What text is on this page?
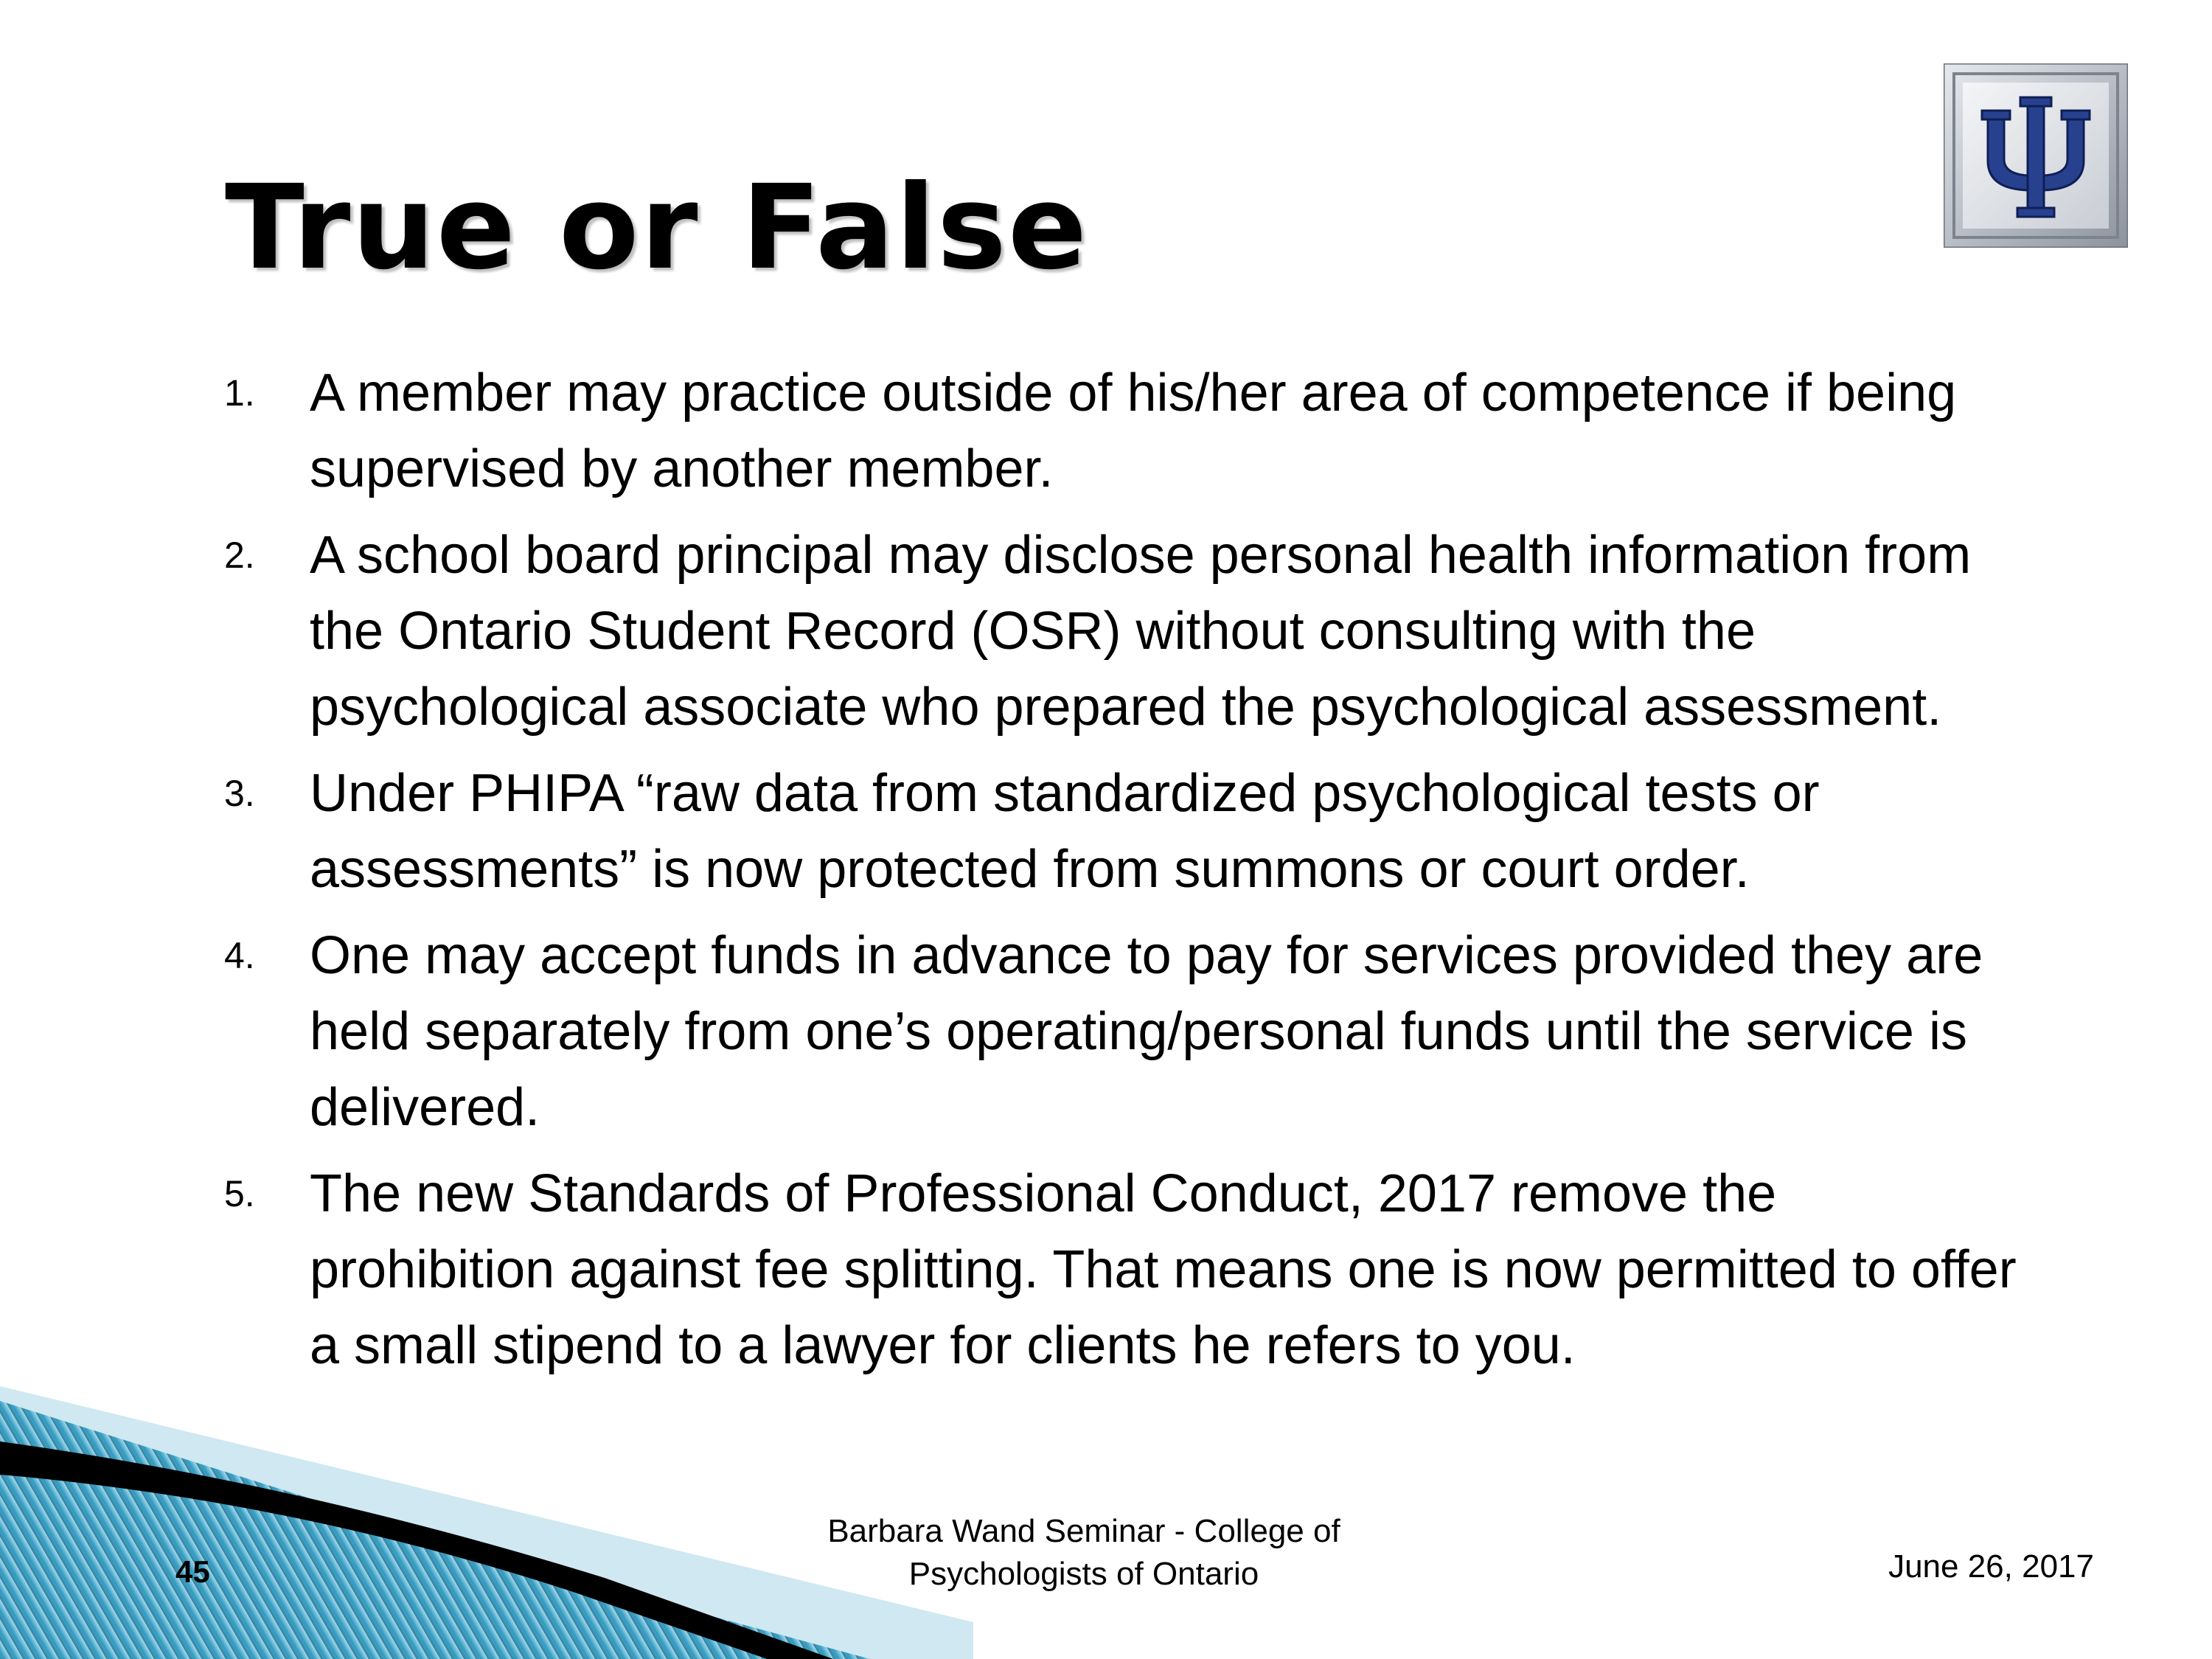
True or False
1. A member may practice outside of his/her area of competence if being supervised by another member.
2. A school board principal may disclose personal health information from the Ontario Student Record (OSR) without consulting with the psychological associate who prepared the psychological assessment.
3. Under PHIPA “raw data from standardized psychological tests or assessments” is now protected from summons or court order.
4. One may accept funds in advance to pay for services provided they are held separately from one’s operating/personal funds until the service is delivered.
5. The new Standards of Professional Conduct, 2017 remove the prohibition against fee splitting. That means one is now permitted to offer a small stipend to a lawyer for clients he refers to you.
45
Barbara Wand Seminar - College of
Psychologists of Ontario	June 26, 2017
